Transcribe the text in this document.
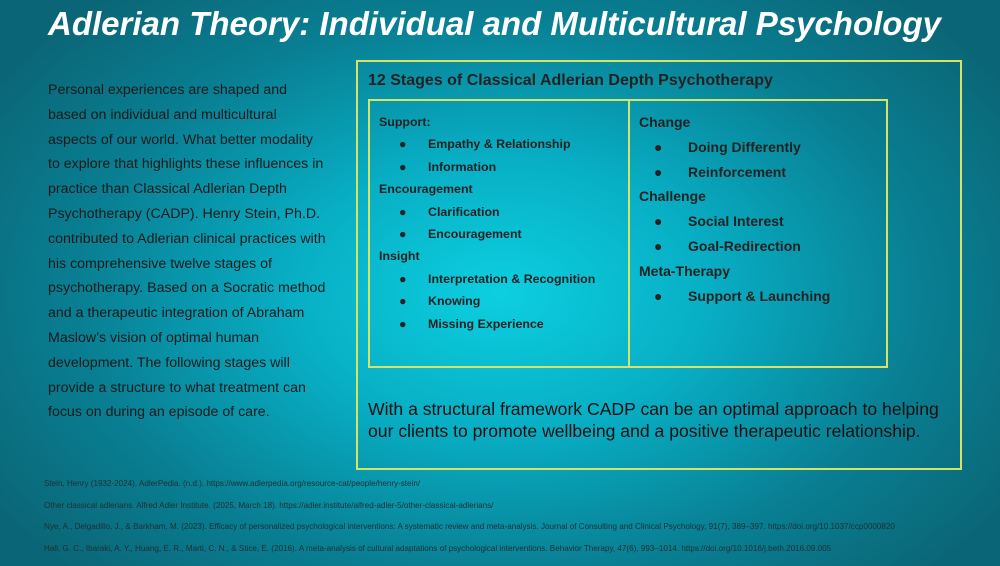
Adlerian Theory: Individual and Multicultural Psychology
Personal experiences are shaped and based on individual and multicultural aspects of our world. What better modality to explore that highlights these influences in practice than Classical Adlerian Depth Psychotherapy (CADP). Henry Stein, Ph.D. contributed to Adlerian clinical practices with his comprehensive twelve stages of psychotherapy. Based on a Socratic method and a therapeutic integration of Abraham Maslow’s vision of optimal human development. The following stages will provide a structure to what treatment can focus on during an episode of care.
12 Stages of Classical Adlerian Depth Psychotherapy
Support:
● Empathy & Relationship
● Information
Encouragement
● Clarification
● Encouragement
Insight
● Interpretation & Recognition
● Knowing
● Missing Experience
Change
● Doing Differently
● Reinforcement
Challenge
● Social Interest
● Goal-Redirection
Meta-Therapy
● Support & Launching
With a structural framework CADP can be an optimal approach to helping our clients to promote wellbeing and a positive therapeutic relationship.
Stein, Henry (1932-2024). AdlerPedia. (n.d.). https://www.adlerpedia.org/resource-cat/people/henry-stein/
Other classical adlerians. Alfred Adler Institute. (2025, March 18). https://adler.institute/alfred-adler-5/other-classical-adlerians/
Nye, A., Delgadillo, J., & Barkham, M. (2023). Efficacy of personalized psychological interventions: A systematic review and meta-analysis. Journal of Consulting and Clinical Psychology, 91(7), 389–397. https://doi.org/10.1037/ccp0000820
Hall, G. C., Ibaraki, A. Y., Huang, E. R., Marti, C. N., & Stice, E. (2016). A meta-analysis of cultural adaptations of psychological interventions. Behavior Therapy, 47(6), 993–1014. https://doi.org/10.1016/j.beth.2016.09.005
